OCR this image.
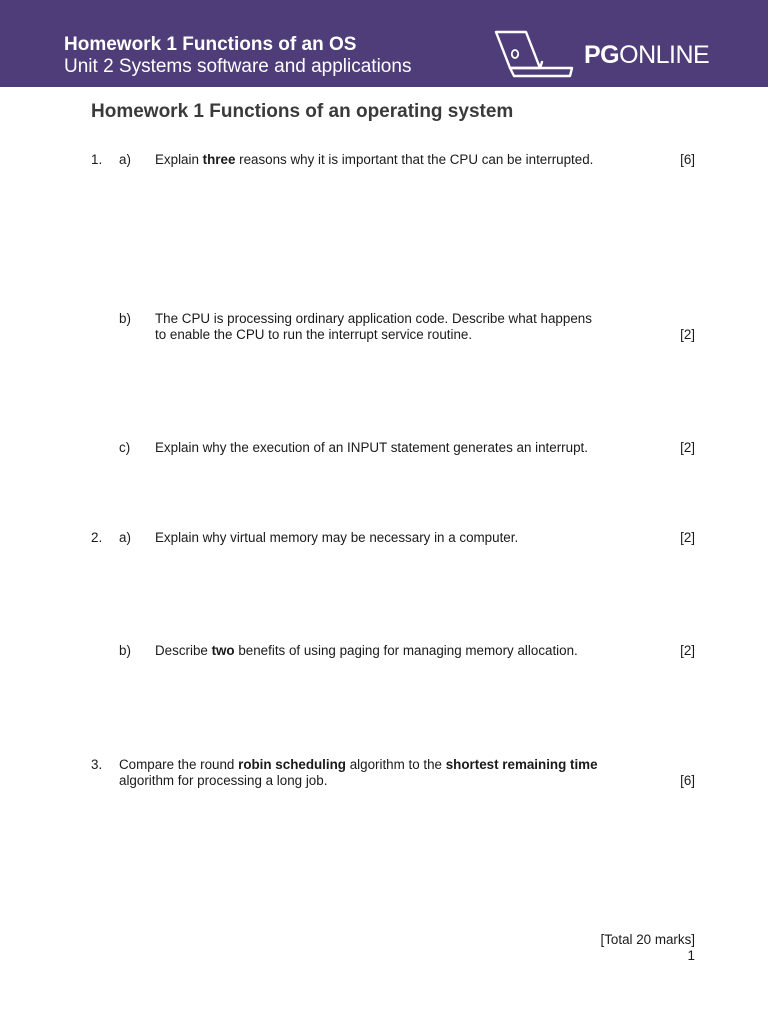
Homework 1 Functions of an OS
Unit 2 Systems software and applications	PGONLINE
Homework 1 Functions of an operating system
1. a) Explain three reasons why it is important that the CPU can be interrupted.	[6]
b) The CPU is processing ordinary application code. Describe what happens
to enable the CPU to run the interrupt service routine.	[2]
c) Explain why the execution of an INPUT statement generates an interrupt.	[2]
2. a) Explain why virtual memory may be necessary in a computer.	[2]
b) Describe two benefits of using paging for managing memory allocation.	[2]
3. Compare the round robin scheduling algorithm to the shortest remaining time
algorithm for processing a long job.	[6]
[Total 20 marks]
1
